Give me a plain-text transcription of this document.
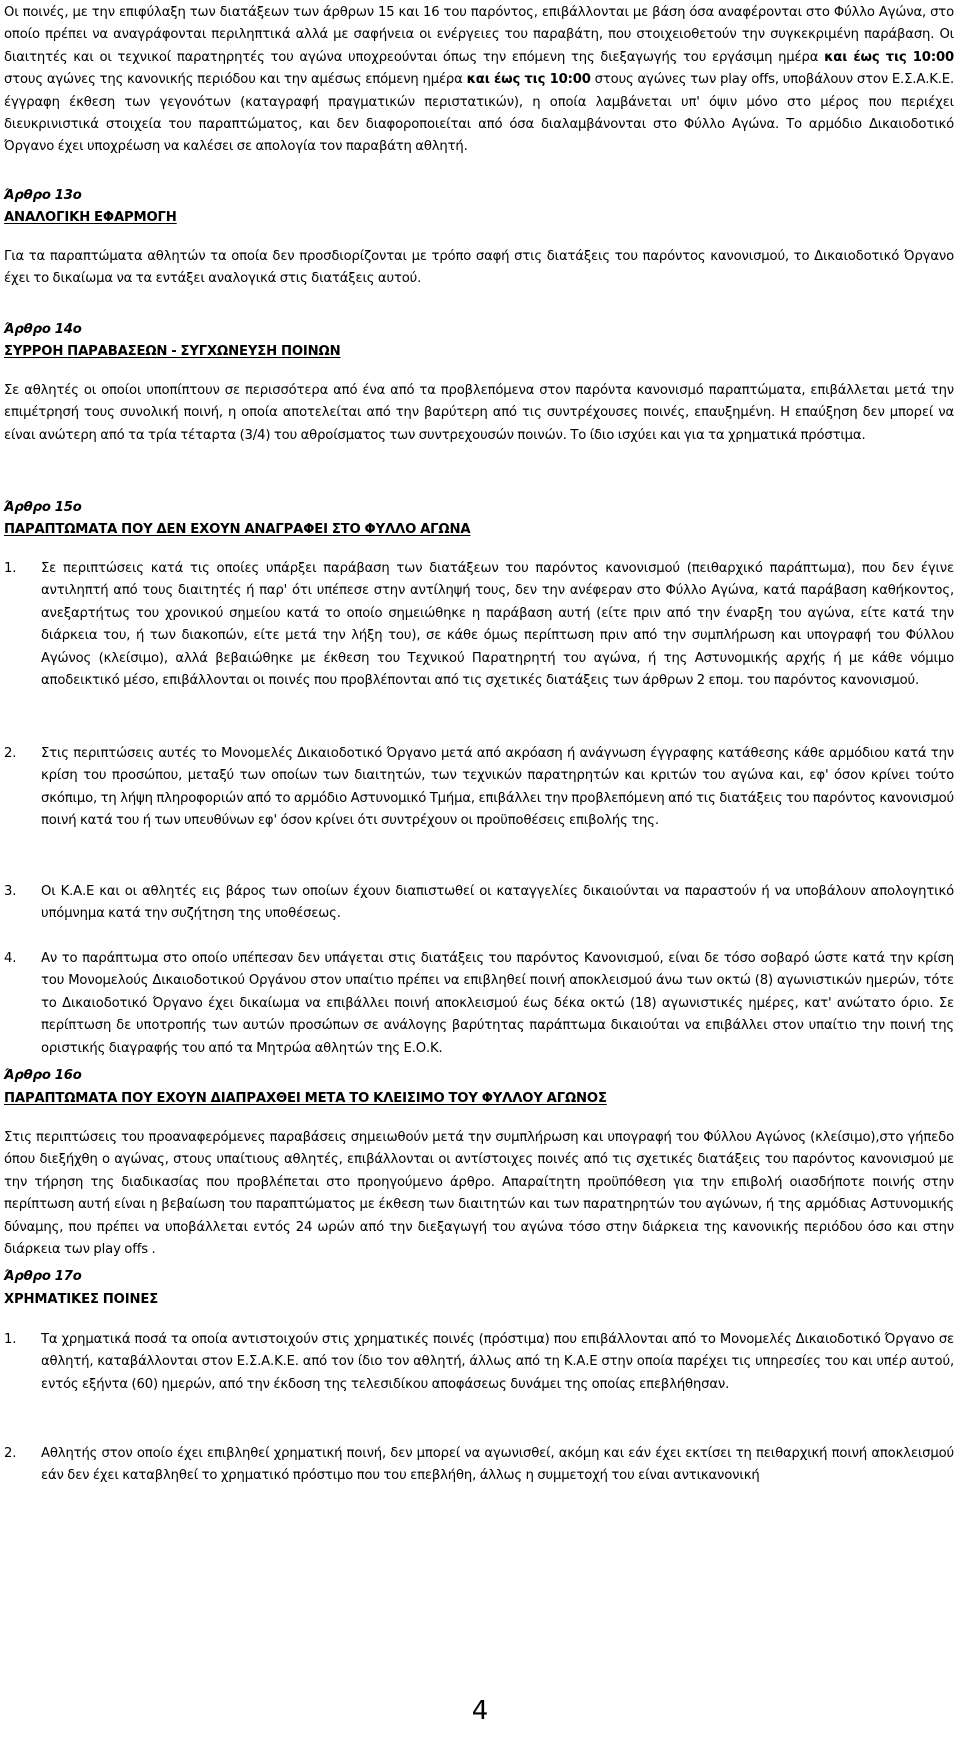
Οι ποινές, με την επιφύλαξη των διατάξεων των άρθρων 15 και 16 του παρόντος, επιβάλλονται με βάση όσα αναφέρονται στο Φύλλο Αγώνα, στο οποίο πρέπει να αναγράφονται περιληπτικά αλλά με σαφήνεια οι ενέργειες του παραβάτη, που στοιχειοθετούν την συγκεκριμένη παράβαση. Οι διαιτητές και οι τεχνικοί παρατηρητές του αγώνα υποχρεούνται όπως την επόμενη της διεξαγωγής του εργάσιμη ημέρα και έως τις 10:00 στους αγώνες της κανονικής περιόδου και την αμέσως επόμενη ημέρα και έως τις 10:00 στους αγώνες των play offs, υποβάλουν στον Ε.Σ.Α.Κ.Ε. έγγραφη έκθεση των γεγονότων (καταγραφή πραγματικών περιστατικών), η οποία λαμβάνεται υπ' όψιν μόνο στο μέρος που περιέχει διευκρινιστικά στοιχεία του παραπτώματος, και δεν διαφοροποιείται από όσα διαλαμβάνονται στο Φύλλο Αγώνα. Το αρμόδιο Δικαιοδοτικό Όργανο έχει υποχρέωση να καλέσει σε απολογία τον παραβάτη αθλητή.
Άρθρο 13ο
ΑΝΑΛΟΓΙΚΗ ΕΦΑΡΜΟΓΗ
Για τα παραπτώματα αθλητών τα οποία δεν προσδιορίζονται με τρόπο σαφή στις διατάξεις του παρόντος κανονισμού, το Δικαιοδοτικό Όργανο έχει το δικαίωμα να τα εντάξει αναλογικά στις διατάξεις αυτού.
Άρθρο 14ο
ΣΥΡΡΟΗ ΠΑΡΑΒΑΣΕΩΝ - ΣΥΓΧΩΝΕΥΣΗ ΠΟΙΝΩΝ
Σε αθλητές οι οποίοι υποπίπτουν σε περισσότερα από ένα από τα προβλεπόμενα στον παρόντα κανονισμό παραπτώματα, επιβάλλεται μετά την επιμέτρησή τους συνολική ποινή, η οποία αποτελείται από την βαρύτερη από τις συντρέχουσες ποινές, επαυξημένη. Η επαύξηση δεν μπορεί να είναι ανώτερη από τα τρία τέταρτα (3/4) του αθροίσματος των συντρεχουσών ποινών. Το ίδιο ισχύει και για τα χρηματικά πρόστιμα.
Άρθρο 15ο
ΠΑΡΑΠΤΩΜΑΤΑ ΠΟΥ ΔΕΝ ΕΧΟΥΝ ΑΝΑΓΡΑΦΕΙ ΣΤΟ ΦΥΛΛΟ ΑΓΩΝΑ
1.	Σε περιπτώσεις κατά τις οποίες υπάρξει παράβαση των διατάξεων του παρόντος κανονισμού (πειθαρχικό παράπτωμα), που δεν έγινε αντιληπτή από τους διαιτητές ή παρ' ότι υπέπεσε στην αντίληψή τους, δεν την ανέφεραν στο Φύλλο Αγώνα, κατά παράβαση καθήκοντος, ανεξαρτήτως του χρονικού σημείου κατά το οποίο σημειώθηκε η παράβαση αυτή (είτε πριν από την έναρξη του αγώνα, είτε κατά την διάρκεια του, ή των διακοπών, είτε μετά την λήξη του), σε κάθε όμως περίπτωση πριν από την συμπλήρωση και υπογραφή του Φύλλου Αγώνος (κλείσιμο), αλλά βεβαιώθηκε με έκθεση του Τεχνικού Παρατηρητή του αγώνα, ή της Αστυνομικής αρχής ή με κάθε νόμιμο αποδεικτικό μέσο, επιβάλλονται οι ποινές που προβλέπονται από τις σχετικές διατάξεις των άρθρων 2 επομ. του παρόντος κανονισμού.
2.	Στις περιπτώσεις αυτές το Μονομελές Δικαιοδοτικό Όργανο μετά από ακρόαση ή ανάγνωση έγγραφης κατάθεσης κάθε αρμόδιου κατά την κρίση του προσώπου, μεταξύ των οποίων των διαιτητών, των τεχνικών παρατηρητών και κριτών του αγώνα και, εφ' όσον κρίνει τούτο σκόπιμο, τη λήψη πληροφοριών από το αρμόδιο Αστυνομικό Τμήμα, επιβάλλει την προβλεπόμενη από τις διατάξεις του παρόντος κανονισμού ποινή κατά του ή των υπευθύνων εφ' όσον κρίνει ότι συντρέχουν οι προϋποθέσεις επιβολής της.
3.	Οι Κ.Α.Ε και οι αθλητές εις βάρος των οποίων έχουν διαπιστωθεί οι καταγγελίες δικαιούνται να παραστούν ή να υποβάλουν απολογητικό υπόμνημα κατά την συζήτηση της υποθέσεως.
4.	Αν το παράπτωμα στο οποίο υπέπεσαν δεν υπάγεται στις διατάξεις του παρόντος Κανονισμού, είναι δε τόσο σοβαρό ώστε κατά την κρίση του Μονομελούς Δικαιοδοτικού Οργάνου στον υπαίτιο πρέπει να επιβληθεί ποινή αποκλεισμού άνω των οκτώ (8) αγωνιστικών ημερών, τότε το Δικαιοδοτικό Όργανο έχει δικαίωμα να επιβάλλει ποινή αποκλεισμού έως δέκα οκτώ (18) αγωνιστικές ημέρες, κατ' ανώτατο όριο. Σε περίπτωση δε υποτροπής των αυτών προσώπων σε ανάλογης βαρύτητας παράπτωμα δικαιούται να επιβάλλει στον υπαίτιο την ποινή της οριστικής διαγραφής του από τα Μητρώα αθλητών της Ε.Ο.Κ.
Άρθρο 16ο
ΠΑΡΑΠΤΩΜΑΤΑ ΠΟΥ ΕΧΟΥΝ ΔΙΑΠΡΑΧΘΕΙ ΜΕΤΑ ΤΟ ΚΛΕΙΣΙΜΟ ΤΟΥ ΦΥΛΛΟΥ ΑΓΩΝΟΣ
Στις περιπτώσεις του προαναφερόμενες παραβάσεις σημειωθούν μετά την συμπλήρωση και υπογραφή του Φύλλου Αγώνος (κλείσιμο),στο γήπεδο όπου διεξήχθη ο αγώνας, στους υπαίτιους αθλητές, επιβάλλονται οι αντίστοιχες ποινές από τις σχετικές διατάξεις του παρόντος κανονισμού με την τήρηση της διαδικασίας που προβλέπεται στο προηγούμενο άρθρο. Απαραίτητη προϋπόθεση για την επιβολή οιασδήποτε ποινής στην περίπτωση αυτή είναι η βεβαίωση του παραπτώματος με έκθεση των διαιτητών και των παρατηρητών του αγώνων, ή της αρμόδιας Αστυνομικής δύναμης, που πρέπει να υποβάλλεται εντός 24 ωρών από την διεξαγωγή του αγώνα τόσο στην διάρκεια της κανονικής περιόδου όσο και στην διάρκεια των play offs .
Άρθρο 17ο
ΧΡΗΜΑΤΙΚΕΣ ΠΟΙΝΕΣ
1.	Τα χρηματικά ποσά τα οποία αντιστοιχούν στις χρηματικές ποινές (πρόστιμα) που επιβάλλονται από το Μονομελές Δικαιοδοτικό Όργανο σε αθλητή, καταβάλλονται στον Ε.Σ.Α.Κ.Ε. από τον ίδιο τον αθλητή, άλλως από τη Κ.Α.Ε στην οποία παρέχει τις υπηρεσίες του και υπέρ αυτού, εντός εξήντα (60) ημερών, από την έκδοση της τελεσιδίκου αποφάσεως δυνάμει της οποίας επεβλήθησαν.
2.	Αθλητής στον οποίο έχει επιβληθεί χρηματική ποινή, δεν μπορεί να αγωνισθεί, ακόμη και εάν έχει εκτίσει τη πειθαρχική ποινή αποκλεισμού εάν δεν έχει καταβληθεί το χρηματικό πρόστιμο που του επεβλήθη, άλλως η συμμετοχή του είναι αντικανονική
4
